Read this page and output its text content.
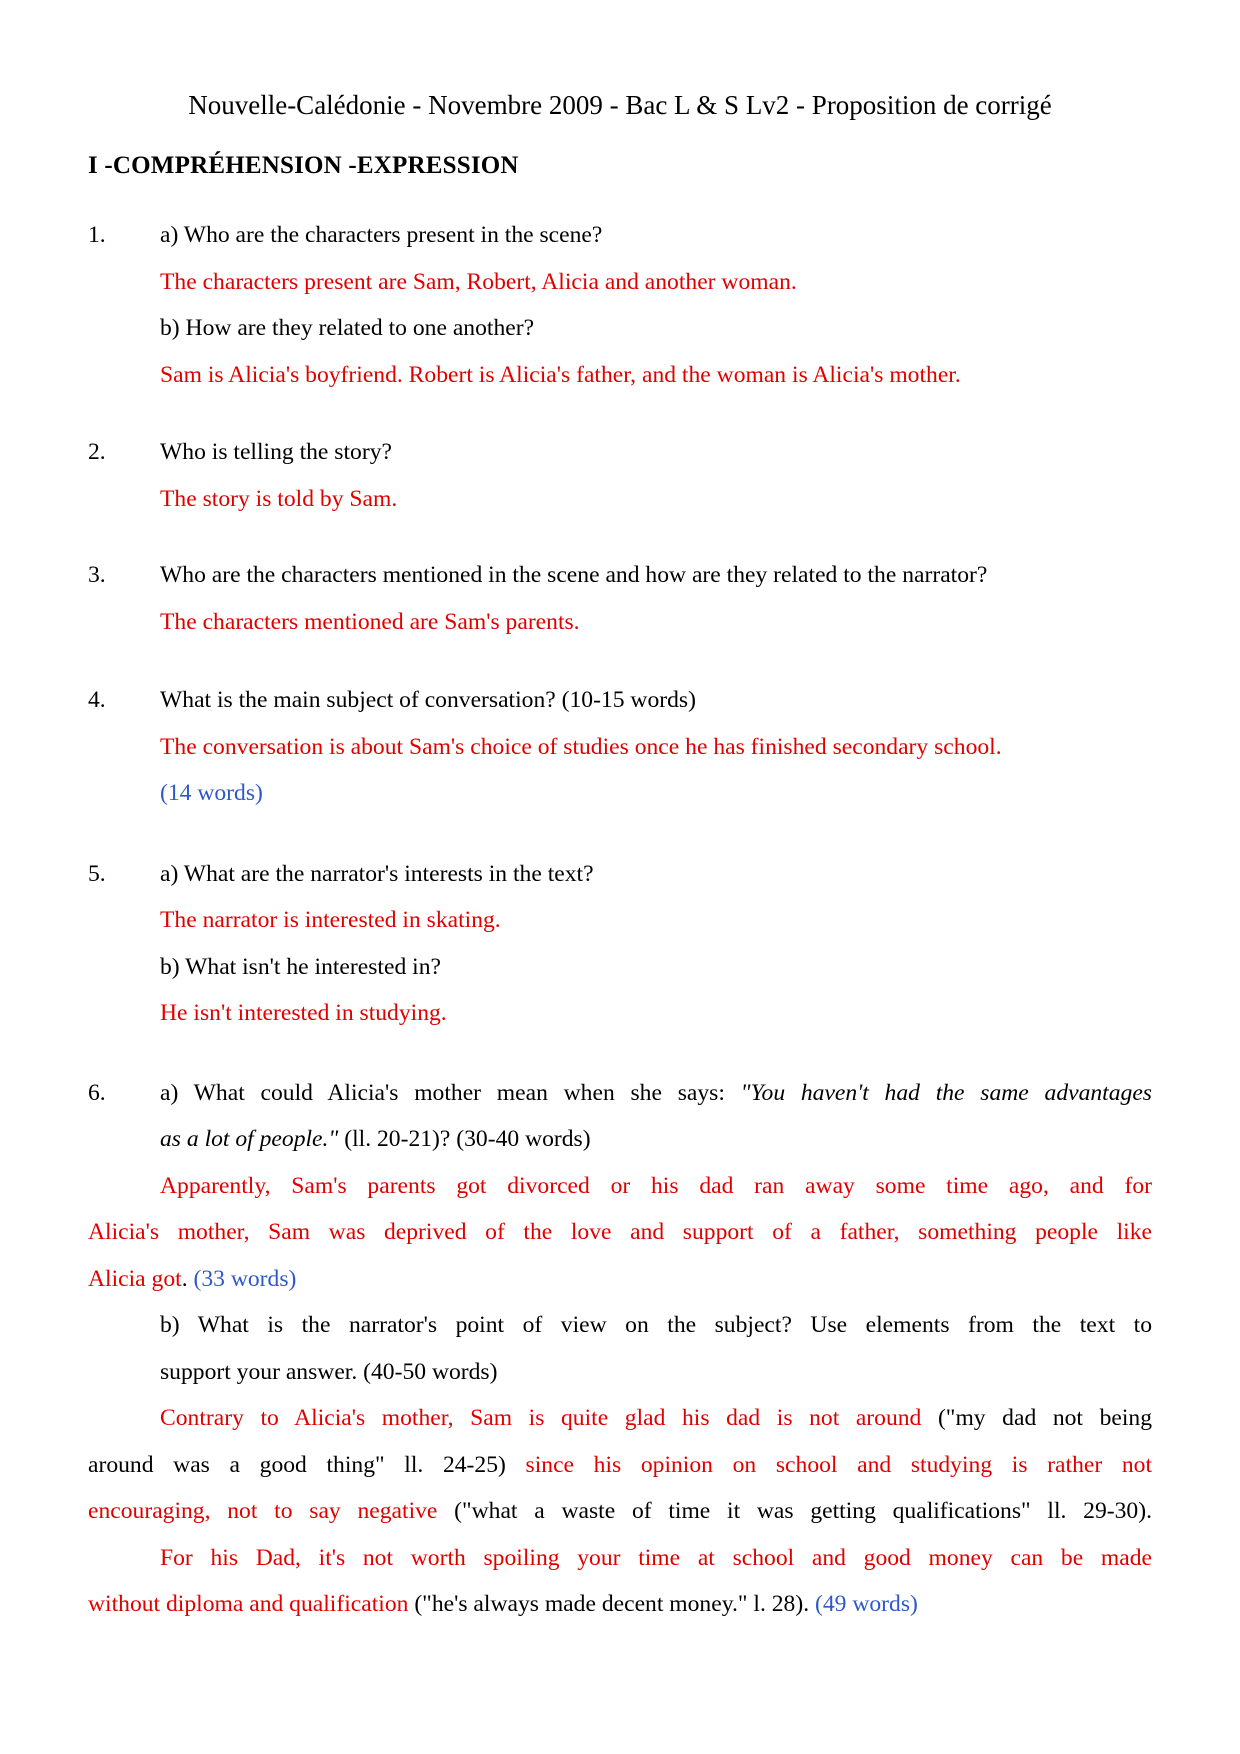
Nouvelle-Calédonie - Novembre 2009 - Bac L & S Lv2 - Proposition de corrigé
I -COMPRÉHENSION -EXPRESSION
1.	a) Who are the characters present in the scene?
The characters present are Sam, Robert, Alicia and another woman.
b) How are they related to one another?
Sam is Alicia's boyfriend. Robert is Alicia's father, and the woman is Alicia's mother.
2.	Who is telling the story?
The story is told by Sam.
3.	Who are the characters mentioned in the scene and how are they related to the narrator?
The characters mentioned are Sam's parents.
4.	What is the main subject of conversation? (10-15 words)
The conversation is about Sam's choice of studies once he has finished secondary school.
(14 words)
5.	a) What are the narrator's interests in the text?
The narrator is interested in skating.
b) What isn't he interested in?
He isn't interested in studying.
6.	a) What could Alicia's mother mean when she says: "You haven't had the same advantages
as a lot of people." (ll. 20-21)? (30-40 words)
Apparently, Sam's parents got divorced or his dad ran away some time ago, and for
Alicia's mother, Sam was deprived of the love and support of a father, something people like
Alicia got. (33 words)
b) What is the narrator's point of view on the subject? Use elements from the text to
support your answer. (40-50 words)
Contrary to Alicia's mother, Sam is quite glad his dad is not around ("my dad not being
around was a good thing" ll. 24-25) since his opinion on school and studying is rather not
encouraging, not to say negative ("what a waste of time it was getting qualifications" ll. 29-30).
For his Dad, it's not worth spoiling your time at school and good money can be made
without diploma and qualification ("he's always made decent money." l. 28). (49 words)
